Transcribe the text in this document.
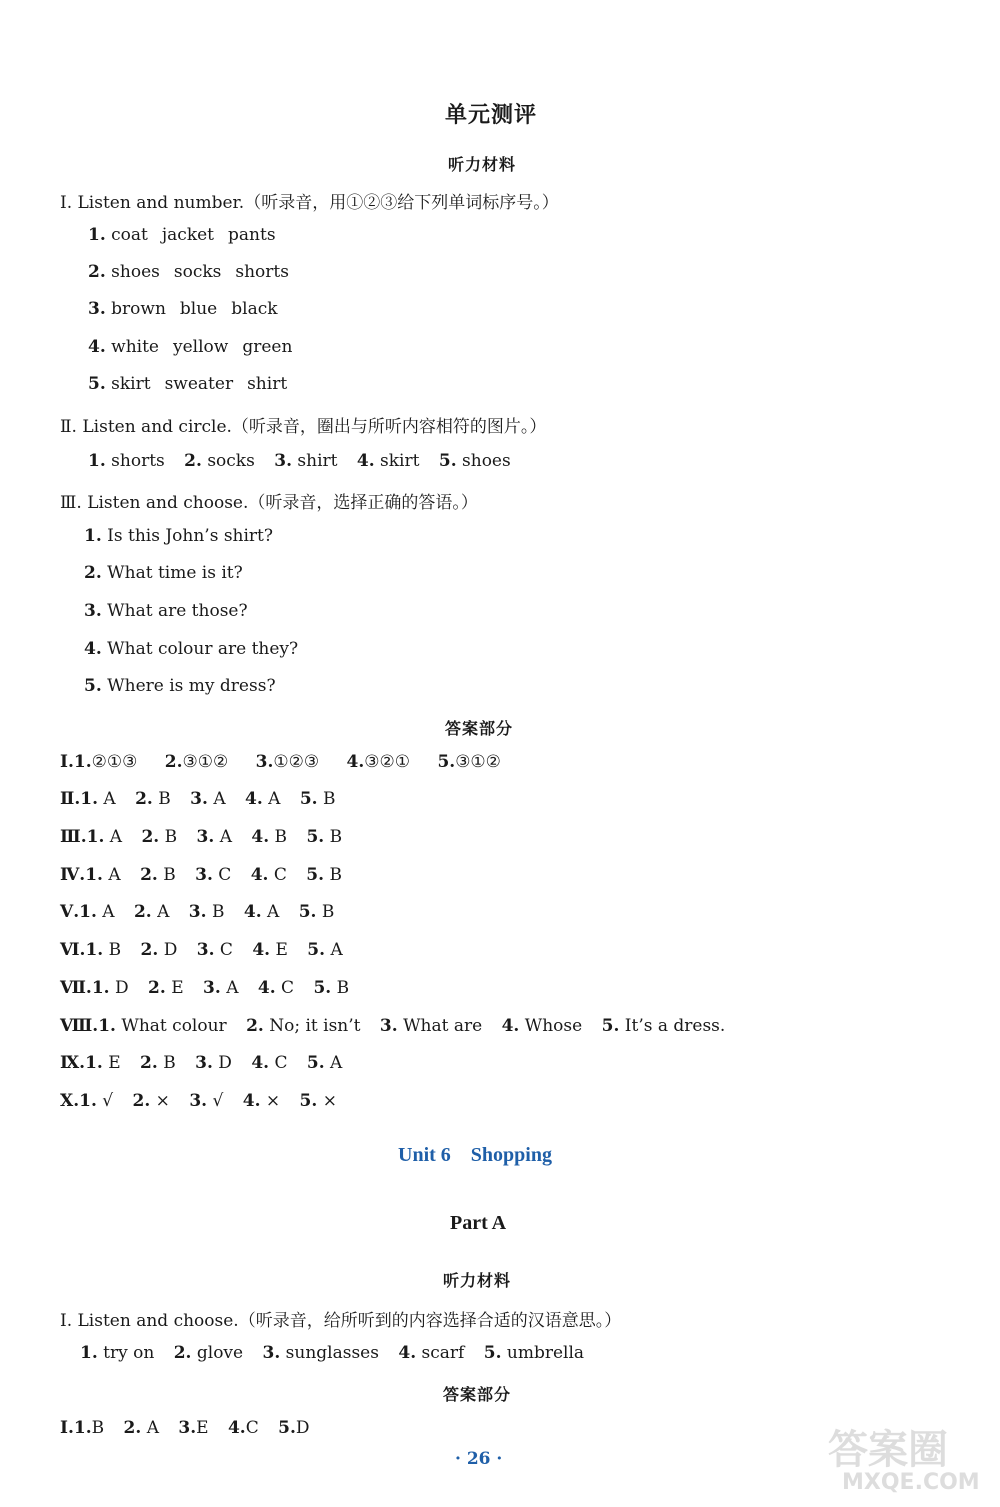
单元测评
听力材料
Ⅰ. Listen and number.（听录音，用①②③给下列单词标序号。）
1. coat jacket pants
2. shoes socks shorts
3. brown blue black
4. white yellow green
5. skirt sweater shirt
Ⅱ. Listen and circle.（听录音，圈出与所听内容相符的图片。）
1. shorts 2. socks 3. shirt 4. skirt 5. shoes
Ⅲ. Listen and choose.（听录音，选择正确的答语。）
1. Is this John’s shirt?
2. What time is it?
3. What are those?
4. What colour are they?
5. Where is my dress?
答案部分
Ⅰ.1.②①③ 2.③①② 3.①②③ 4.③②① 5.③①②
Ⅱ.1. A 2. B 3. A 4. A 5. B
Ⅲ.1. A 2. B 3. A 4. B 5. B
Ⅳ.1. A 2. B 3. C 4. C 5. B
Ⅴ.1. A 2. A 3. B 4. A 5. B
Ⅵ.1. B 2. D 3. C 4. E 5. A
Ⅶ.1. D 2. E 3. A 4. C 5. B
Ⅷ.1. What colour 2. No; it isn’t 3. What are 4. Whose 5. It’s a dress.
Ⅸ.1. E 2. B 3. D 4. C 5. A
Ⅹ.1. √ 2. × 3. √ 4. × 5. ×
Unit 6    Shopping
Part A
听力材料
Ⅰ. Listen and choose.（听录音，给所听到的内容选择合适的汉语意思。）
1. try on 2. glove 3. sunglasses 4. scarf 5. umbrella
答案部分
Ⅰ.1.B 2. A 3.E 4.C 5.D
· 26 ·	答案圈
MXQE.COM
